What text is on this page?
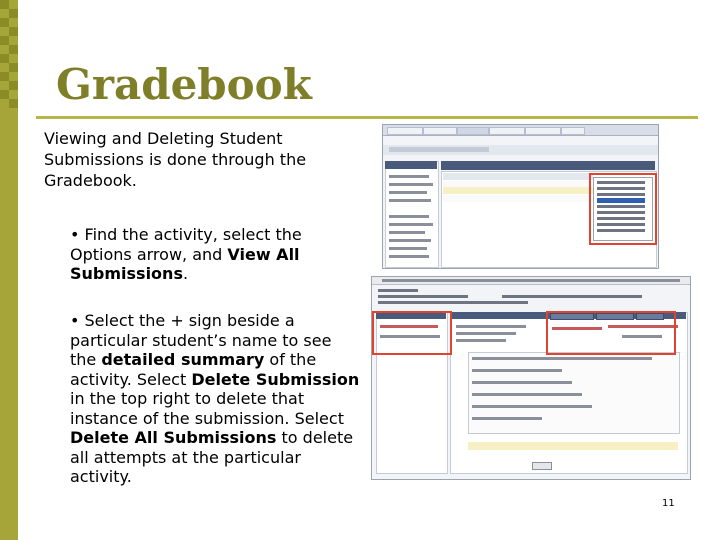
Gradebook
Viewing and Deleting Student Submissions is done through the Gradebook.
• Find the activity, select the Options arrow, and View All Submissions.
• Select the + sign beside a particular student’s name to see the detailed summary of the activity. Select Delete Submission in the top right to delete that instance of the submission. Select Delete All Submissions to delete all attempts at the particular activity.
11
